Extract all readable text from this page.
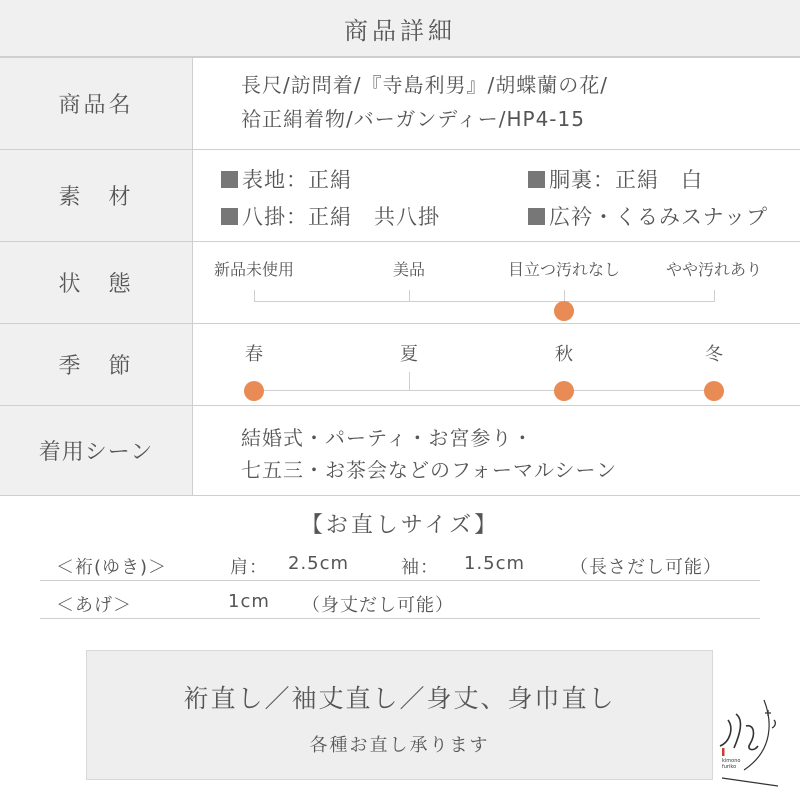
商品詳細
商品名
長尺/訪問着/『寺島利男』/胡蝶蘭の花/
袷正絹着物/バーガンディー/HP4-15
素　材
表地：正絹	胴裏：正絹　白
八掛：正絹　共八掛	広衿・くるみスナップ
状　態
新品未使用	美品	目立つ汚れなし	やや汚れあり
季　節	春	夏	秋	冬
着用シーン
結婚式・パーティ・お宮参り・
七五三・お茶会などのフォーマルシーン
【お直しサイズ】
＜裄(ゆき)＞	肩： 2.5cm	袖： 1.5cm （長さだし可能）
＜あげ＞	1cm （身丈だし可能）
裄直し／袖丈直し／身丈、身巾直し
各種お直し承ります
kimono
furiko
